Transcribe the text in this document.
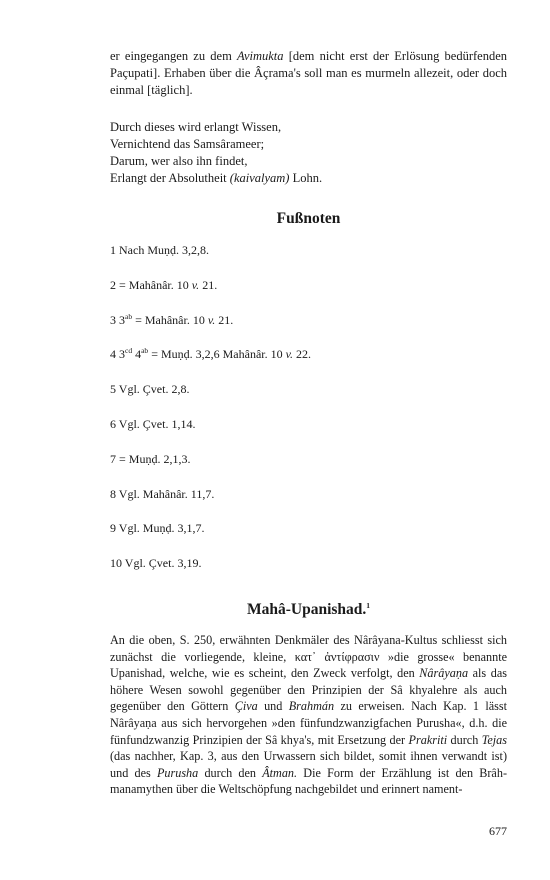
er eingegangen zu dem Avimukta [dem nicht erst der Erlösung bedürfenden Paçupati]. Erhaben über die Âçrama's soll man es murmeln allezeit, oder doch einmal [täglich].

Durch dieses wird erlangt Wissen,
Vernichtend das Samsârameer;
Darum, wer also ihn findet,
Erlangt der Absolutheit (kaivalyam) Lohn.
Fußnoten
1 Nach Muṇḍ. 3,2,8.
2 = Mahânâr. 10 v. 21.
3 $3^{ab}$ = Mahânâr. 10 v. 21.
4 $3^{cd}$ $4^{ab}$ = Muṇḍ. 3,2,6 Mahânâr. 10 v. 22.
5 Vgl. Çvet. 2,8.
6 Vgl. Çvet. 1,14.
7 = Muṇḍ. 2,1,3.
8 Vgl. Mahânâr. 11,7.
9 Vgl. Muṇḍ. 3,1,7.
10 Vgl. Çvet. 3,19.
Mahâ-Upanishad.$^1$

An die oben, S. 250, erwähnten Denkmäler des Nârâyana-Kultus schliesst sich zunächst die vorliegende, kleine, κατ᾽ ἀντίφρασιν »die grosse« benannte Upanishad, welche, wie es scheint, den Zweck verfolgt, den Nârâyaṇa als das höhere Wesen sowohl gegenüber den Prinzipien der Sâ khyalehre als auch gegenüber den Göttern Çiva und Brahmán zu erweisen. Nach Kap. 1 lässt Nârâyaṇa aus sich hervorgehen »den fünfundzwanzigfachen Purusha«, d.h. die fünfundzwanzig Prinzipien der Sâ khya's, mit Ersetzung der Prakriti durch Tejas (das nachher, Kap. 3, aus den Urwassern sich bildet, somit ihnen verwandt ist) und des Purusha durch den Âtman. Die Form der Erzählung ist den Brâhmanamythen über die Weltschöpfung nachgebildet und erinnert nament-

677
